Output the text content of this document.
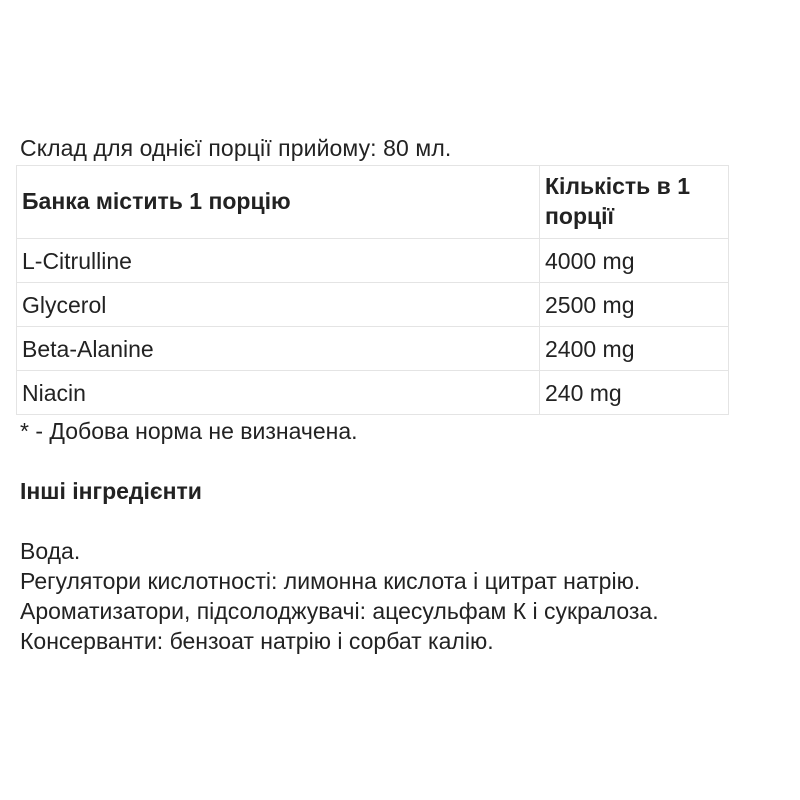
Склад для однієї порції прийому: 80 мл.
Банка містить 1 порцію	Кількість в 1 порції
L-Citrulline	4000 mg
Glycerol	2500 mg
Beta-Alanine	2400 mg
Niacin	240 mg
* - Добова норма не визначена.
Інші інгредієнти
Вода.
Регулятори кислотності: лимонна кислота і цитрат натрію.
Ароматизатори, підсолоджувачі: ацесульфам К і сукралоза.
Консерванти: бензоат натрію і сорбат калію.
